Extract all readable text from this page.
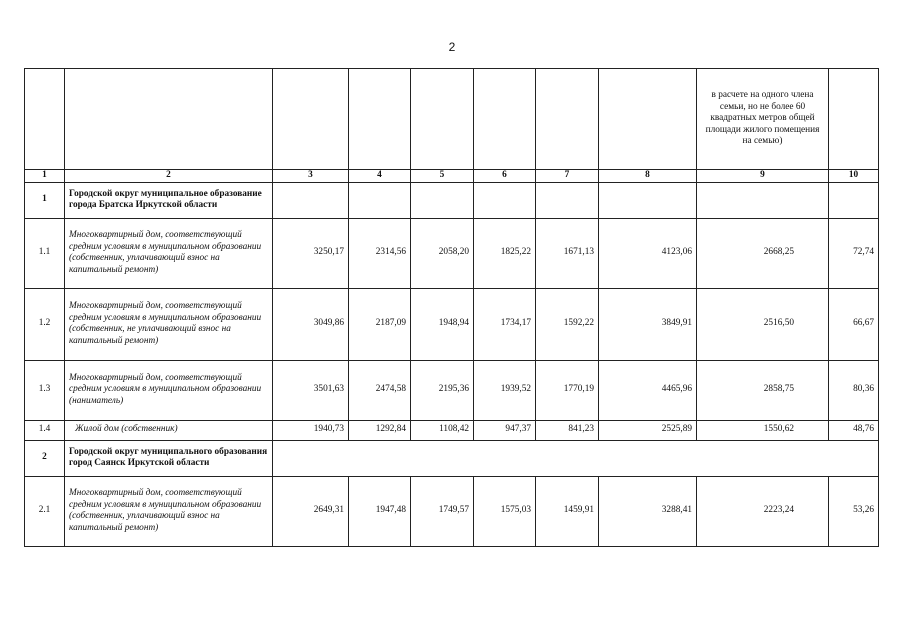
2
								в расчете на одного члена семьи, но не более 60 квадратных метров общей площади жилого помещения на семью)	
1	2	3	4	5	6	7	8	9	10
1	Городской округ муниципальное образование города Братска Иркутской области								
1.1	Многоквартирный дом, соответствующий средним условиям в муниципальном образовании (собственник, уплачивающий взнос на капитальный ремонт)	3250,17	2314,56	2058,20	1825,22	1671,13	4123,06	2668,25	72,74
1.2	Многоквартирный дом, соответствующий средним условиям в муниципальном образовании (собственник, не уплачивающий взнос на капитальный ремонт)	3049,86	2187,09	1948,94	1734,17	1592,22	3849,91	2516,50	66,67
1.3	Многоквартирный дом, соответствующий средним условиям в муниципальном образовании (наниматель)	3501,63	2474,58	2195,36	1939,52	1770,19	4465,96	2858,75	80,36
1.4	Жилой дом (собственник)	1940,73	1292,84	1108,42	947,37	841,23	2525,89	1550,62	48,76
2	Городской округ муниципального образования город Саянск Иркутской области								
2.1	Многоквартирный дом, соответствующий средним условиям в муниципальном образовании (собственник, уплачивающий взнос на капитальный ремонт)	2649,31	1947,48	1749,57	1575,03	1459,91	3288,41	2223,24	53,26
